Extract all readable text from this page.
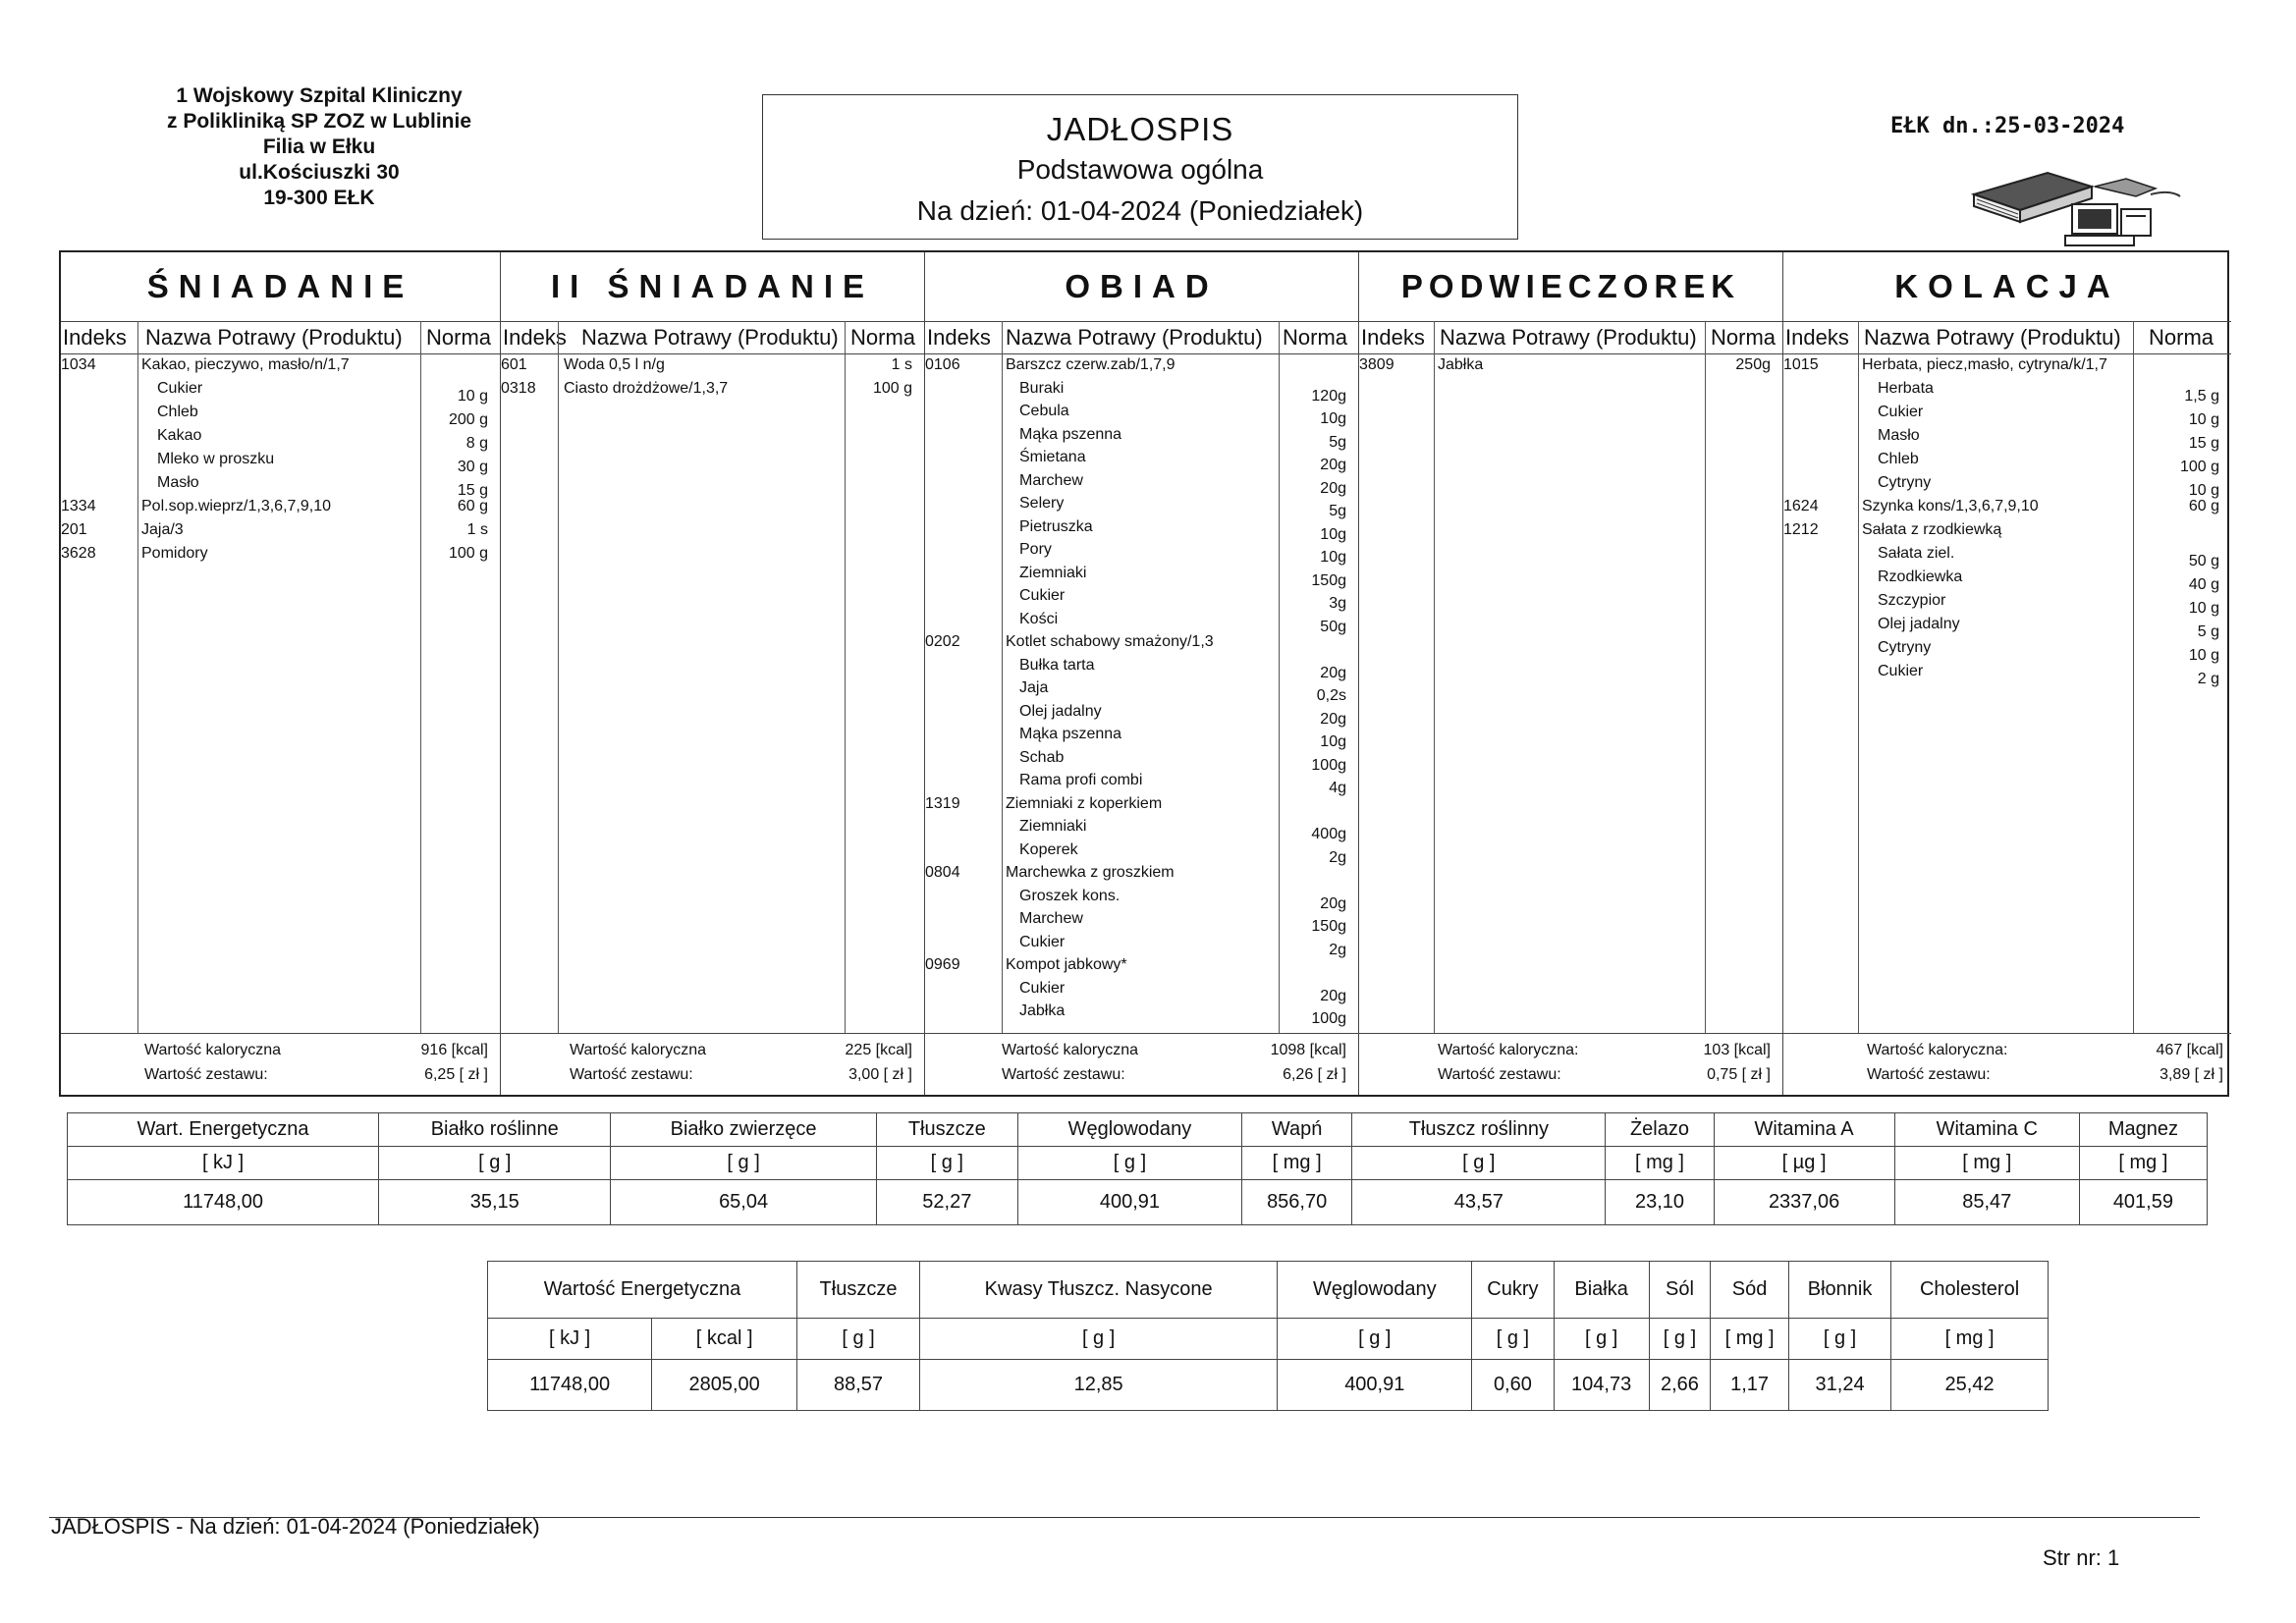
1 Wojskowy Szpital Kliniczny
z Polikliniką SP ZOZ w Lublinie
Filia w Ełku
ul.Kościuszki 30
19-300 EŁK
JADŁOSPIS
Podstawowa ogólna
Na dzień: 01-04-2024 (Poniedziałek)
EŁK dn.:25-03-2024
ŚNIADANIE
Indeks Nazwa Potrawy (Produktu) Norma
1034	Kakao, pieczywo, masło/n/1,7
Cukier	10 g
Chleb	200 g
Kakao	8 g
Mleko w proszku	30 g
Masło	15 g
1334	Pol.sop.wieprz/1,3,6,7,9,10	60 g
201	Jaja/3	1 s
3628	Pomidory	100 g
Wartość kaloryczna	916 [kcal]
Wartość zestawu:	6,25 [ zł ]
II ŚNIADANIE
Indeks Nazwa Potrawy (Produktu) Norma
601	Woda 0,5 l n/g	1 s
0318	Ciasto drożdżowe/1,3,7	100 g
Wartość kaloryczna	225 [kcal]
Wartość zestawu:	3,00 [ zł ]
OBIAD
Indeks Nazwa Potrawy (Produktu) Norma
0106	Barszcz czerw.zab/1,7,9
Buraki	120g
Cebula	10g
Mąka pszenna	5g
Śmietana	20g
Marchew	20g
Selery	5g
Pietruszka	10g
Pory	10g
Ziemniaki	150g
Cukier	3g
Kości	50g
0202	Kotlet schabowy smażony/1,3
Bułka tarta	20g
Jaja	0,2s
Olej jadalny	20g
Mąka pszenna	10g
Schab	100g
Rama profi combi	4g
1319	Ziemniaki z koperkiem
Ziemniaki	400g
Koperek	2g
0804	Marchewka z groszkiem
Groszek kons.	20g
Marchew	150g
Cukier	2g
0969	Kompot jabkowy*
Cukier	20g
Jabłka	100g
Wartość kaloryczna	1098 [kcal]
Wartość zestawu:	6,26 [ zł ]
PODWIECZOREK
Indeks Nazwa Potrawy (Produktu) Norma
3809	Jabłka	250g
Wartość kaloryczna:	103 [kcal]
Wartość zestawu:	0,75 [ zł ]
KOLACJA
Indeks Nazwa Potrawy (Produktu) Norma
1015	Herbata, piecz,masło, cytryna/k/1,7
Herbata	1,5 g
Cukier	10 g
Masło	15 g
Chleb	100 g
Cytryny	10 g
1624	Szynka kons/1,3,6,7,9,10	60 g
1212	Sałata z rzodkiewką
Sałata ziel.	50 g
Rzodkiewka	40 g
Szczypior	10 g
Olej jadalny	5 g
Cytryny	10 g
Cukier	2 g
Wartość kaloryczna:	467 [kcal]
Wartość zestawu:	3,89 [ zł ]
Wart. Energetyczna	Białko roślinne	Białko zwierzęce	Tłuszcze	Węglowodany	Wapń	Tłuszcz roślinny	Żelazo	Witamina A	Witamina C	Magnez
[ kJ ]	[ g ]	[ g ]	[ g ]	[ g ]	[ mg ]	[ g ]	[ mg ]	[ µg ]	[ mg ]	[ mg ]
11748,00	35,15	65,04	52,27	400,91	856,70	43,57	23,10	2337,06	85,47	401,59
Wartość Energetyczna		Tłuszcze	Kwasy Tłuszcz. Nasycone	Węglowodany	Cukry	Białka	Sól	Sód	Błonnik	Cholesterol
[ kJ ]	[ kcal ]	[ g ]	[ g ]	[ g ]	[ g ]	[ g ]	[ g ]	[ mg ]	[ g ]	[ mg ]
11748,00	2805,00	88,57	12,85	400,91	0,60	104,73	2,66	1,17	31,24	25,42
JADŁOSPIS - Na dzień: 01-04-2024 (Poniedziałek)
Str nr: 1
